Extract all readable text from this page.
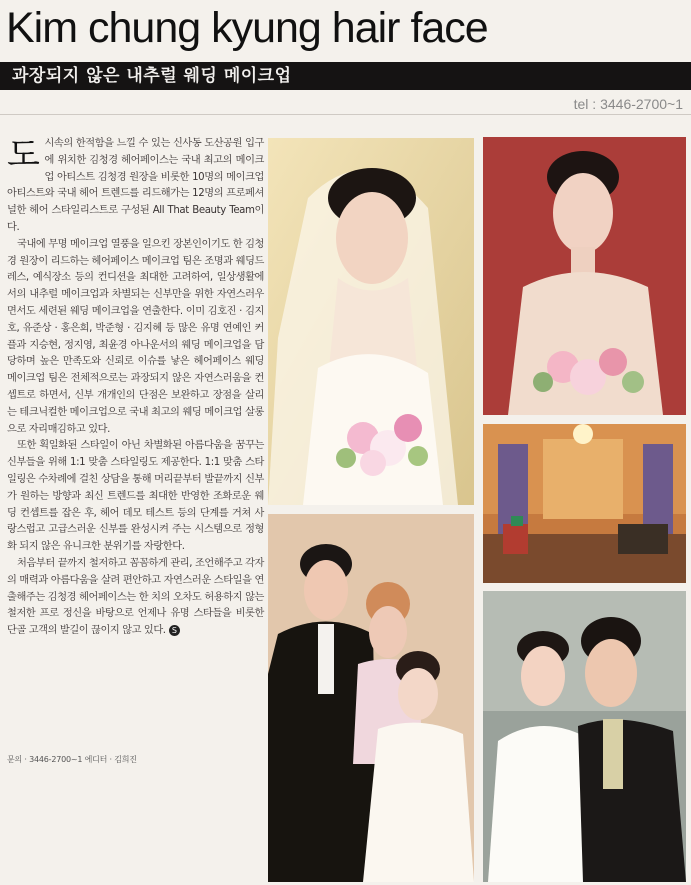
Kim chung kyung hair face
과장되지 않은 내추럴 웨딩 메이크업
tel : 3446-2700~1

도시속의 한적함을 느낄 수 있는 신사동 도산공원 입구에 위치한 김청경 헤어페이스는 국내 최고의 메이크업 아티스트 김청경 원장을 비롯한 10명의 메이크업 아티스트와 국내 헤어 트렌드를 리드해가는 12명의 프로페셔널한 헤어 스타일리스트로 구성된 All That Beauty Team이다.

국내에 무명 메이크업 열풍을 일으킨 장본인이기도 한 김청경 원장이 리드하는 헤어페이스 메이크업 팀은 조명과 웨딩드레스, 예식장소 등의 컨디션을 최대한 고려하여, 일상생활에서의 내추럴 메이크업과 차별되는 신부만을 위한 자연스러우면서도 세련된 웨딩 메이크업을 연출한다. 이미 김호진 · 김지호, 유준상 · 홍은희, 박준형 · 김지혜 등 많은 유명 연예인 커플과 지승현, 정지영, 최윤경 아나운서의 웨딩 메이크업을 담당하며 높은 만족도와 신뢰로 이슈를 낳은 헤어페이스 웨딩 메이크업 팀은 전체적으로는 과장되지 않은 자연스러움을 컨셉트로 하면서, 신부 개개인의 단점은 보완하고 장점을 살리는 테크닉컬한 메이크업으로 국내 최고의 웨딩 메이크업 살롱으로 자리매김하고 있다.

또한 획일화된 스타일이 아닌 차별화된 아름다움을 꿈꾸는 신부들을 위해 1:1 맞춤 스타일링도 제공한다. 1:1 맞춤 스타일링은 수차례에 걸친 상담을 통해 머리끝부터 발끝까지 신부가 원하는 방향과 최신 트렌드를 최대한 반영한 조화로운 웨딩 컨셉트를 잡은 후, 헤어 데모 테스트 등의 단계를 거쳐 사랑스럽고 고급스러운 신부를 완성시켜 주는 시스템으로 정형화 되지 않은 유니크한 분위기를 자랑한다.

처음부터 끝까지 철저하고 꼼꼼하게 관리, 조언해주고 각자의 매력과 아름다움을 살려 편안하고 자연스러운 스타일을 연출해주는 김청경 헤어페이스는 한 치의 오차도 허용하지 않는 철저한 프로 정신을 바탕으로 언제나 유명 스타들을 비롯한 단골 고객의 발길이 끊이지 않고 있다. S

문의 · 3446-2700~1 에디터 · 김희진
